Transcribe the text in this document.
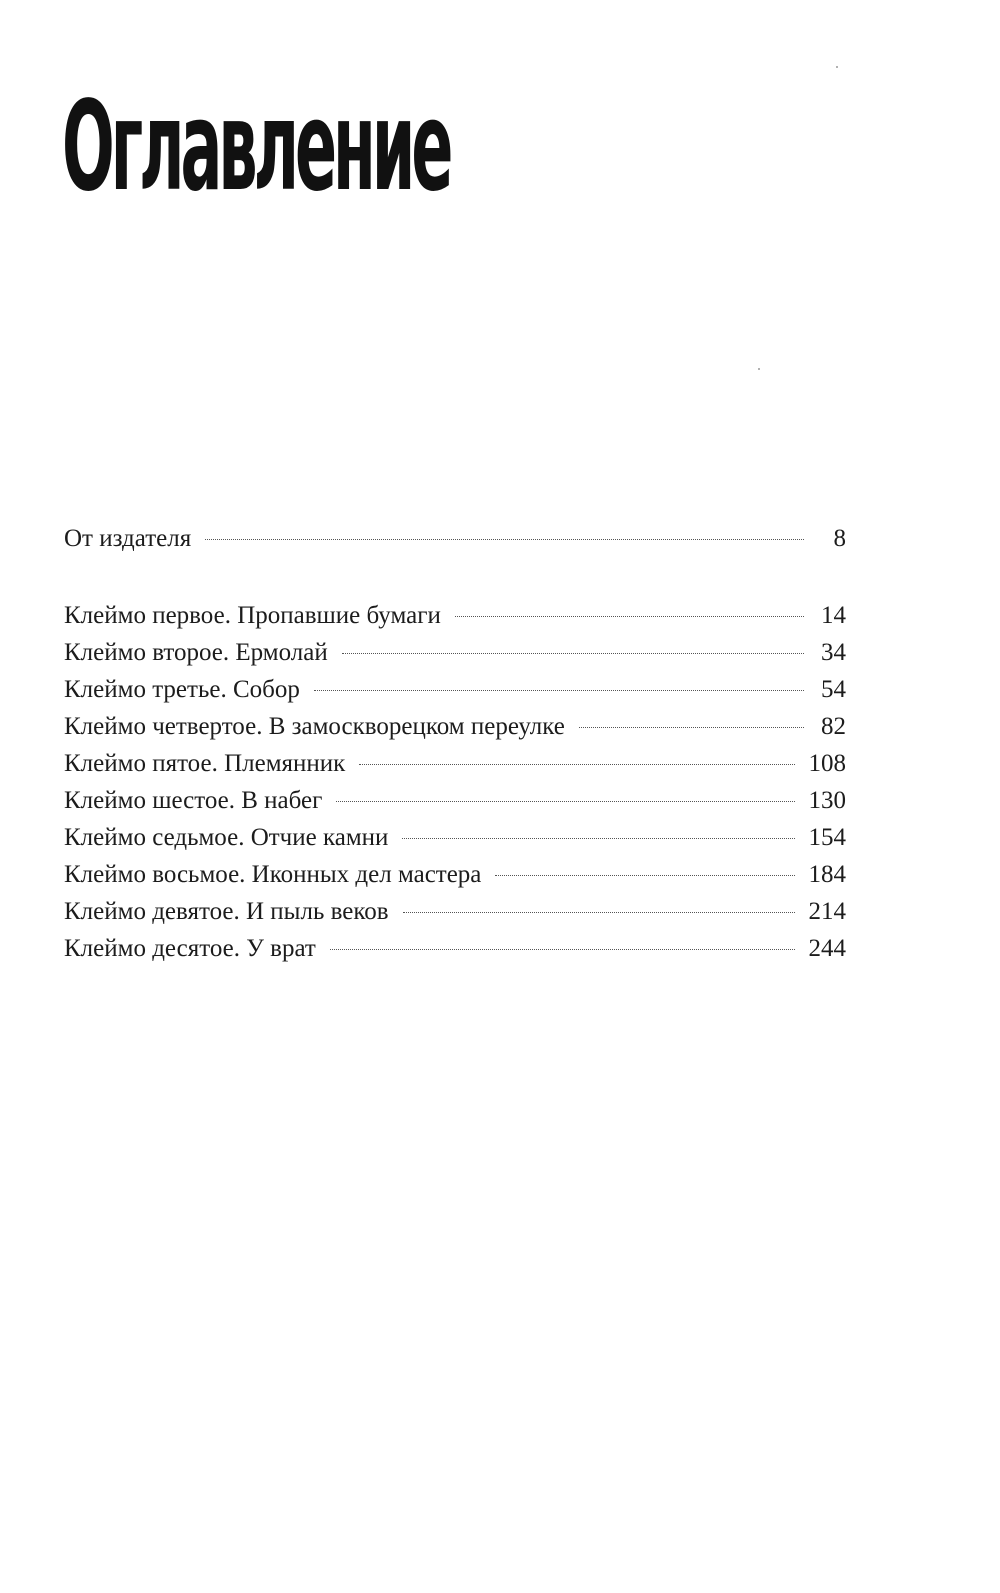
Оглавление
От издателя	8
Клеймо первое. Пропавшие бумаги	14
Клеймо второе. Ермолай	34
Клеймо третье. Собор	54
Клеймо четвертое. В замоскворецком переулке	82
Клеймо пятое. Племянник	108
Клеймо шестое. В набег	130
Клеймо седьмое. Отчие камни	154
Клеймо восьмое. Иконных дел мастера	184
Клеймо девятое. И пыль веков	214
Клеймо десятое. У врат	244
